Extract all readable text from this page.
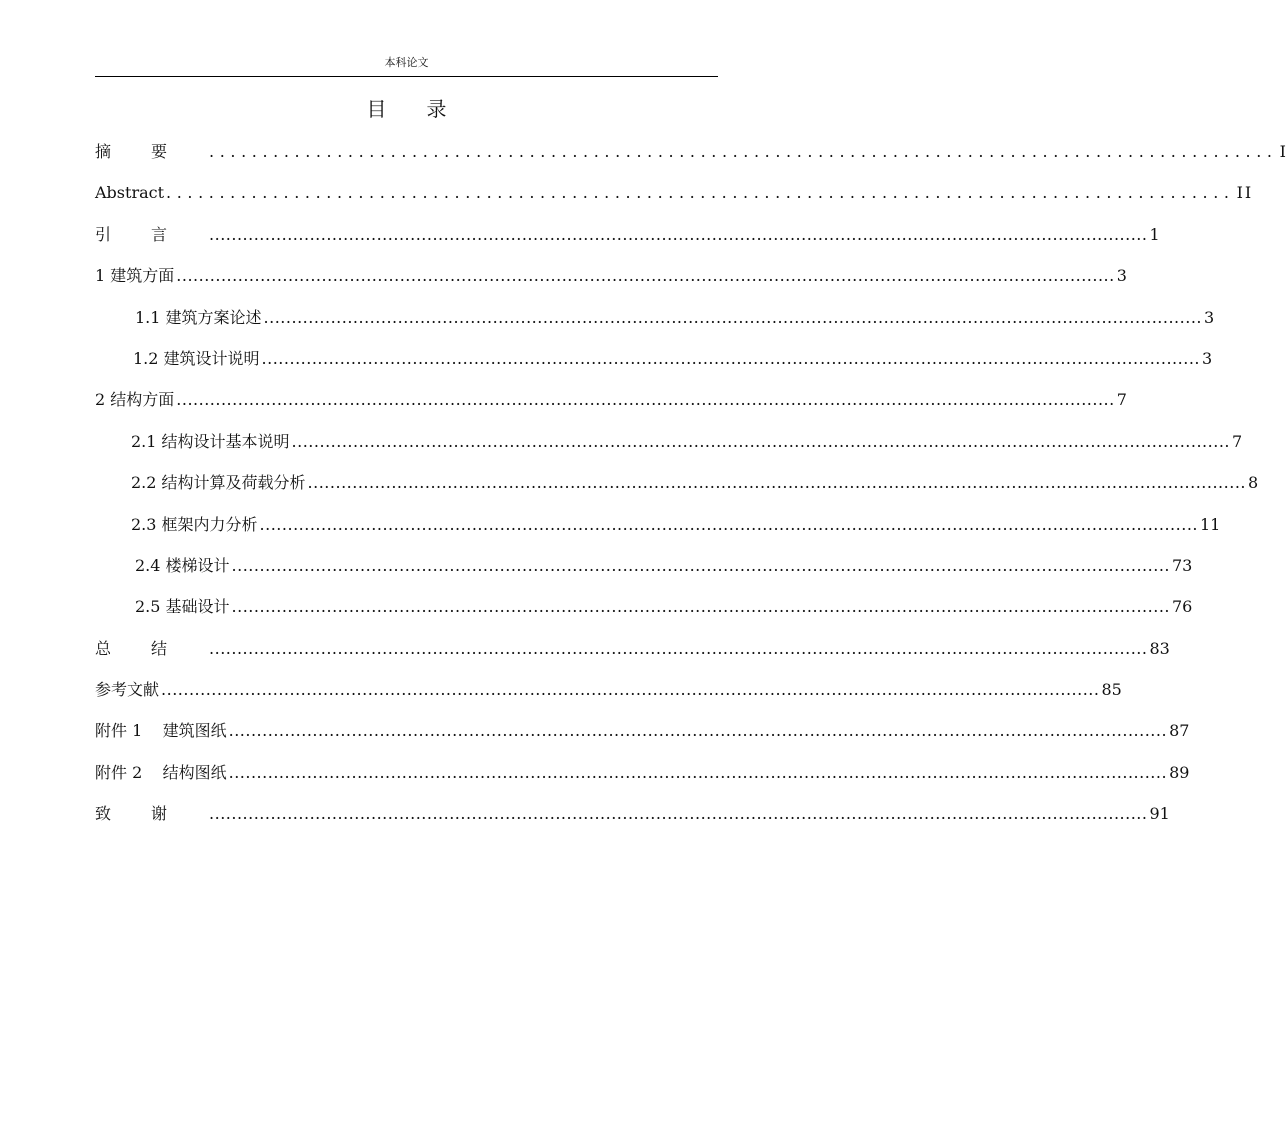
本科论文
目录
摘要 .................................................................................................... I
Abstract .................................................................................................... II
引言 ........................................................................................................................................................................ 1
1 建筑方面 ........................................................................................................................................................................ 3
1.1 建筑方案论述 ........................................................................................................................................................................ 3
1.2 建筑设计说明 ........................................................................................................................................................................ 3
2 结构方面 ........................................................................................................................................................................ 7
2.1 结构设计基本说明 ........................................................................................................................................................................ 7
2.2 结构计算及荷载分析 ........................................................................................................................................................................ 8
2.3 框架内力分析 ........................................................................................................................................................................ 11
2.4 楼梯设计 ........................................................................................................................................................................ 73
2.5 基础设计 ........................................................................................................................................................................ 76
总结 ........................................................................................................................................................................ 83
参考文献 ........................................................................................................................................................................ 85
附件 1    建筑图纸 ........................................................................................................................................................................ 87
附件 2    结构图纸 ........................................................................................................................................................................ 89
致谢 ........................................................................................................................................................................ 91
